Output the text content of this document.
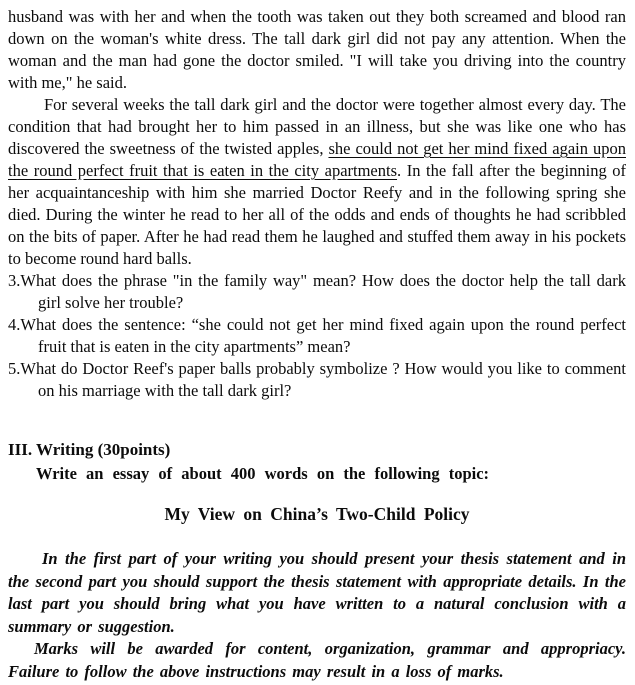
husband was with her and when the tooth was taken out they both screamed and blood ran down on the woman's white dress. The tall dark girl did not pay any attention. When the woman and the man had gone the doctor smiled. "I will take you driving into the country with me," he said.

For several weeks the tall dark girl and the doctor were together almost every day. The condition that had brought her to him passed in an illness, but she was like one who has discovered the sweetness of the twisted apples, she could not get her mind fixed again upon the round perfect fruit that is eaten in the city apartments. In the fall after the beginning of her acquaintanceship with him she married Doctor Reefy and in the following spring she died. During the winter he read to her all of the odds and ends of thoughts he had scribbled on the bits of paper. After he had read them he laughed and stuffed them away in his pockets to become round hard balls.

3.What does the phrase "in the family way" mean? How does the doctor help the tall dark girl solve her trouble?

4.What does the sentence: “she could not get her mind fixed again upon the round perfect fruit that is eaten in the city apartments” mean?

5.What do Doctor Reef's paper balls probably symbolize ? How would you like to comment on his marriage with the tall dark girl?

III. Writing (30points)

Write an essay of about 400 words on the following topic:

My View on China’s Two-Child Policy

In the first part of your writing you should present your thesis statement and in the second part you should support the thesis statement with appropriate details. In the last part you should bring what you have written to a natural conclusion with a summary or suggestion.

Marks will be awarded for content, organization, grammar and appropriacy. Failure to follow the above instructions may result in a loss of marks.
